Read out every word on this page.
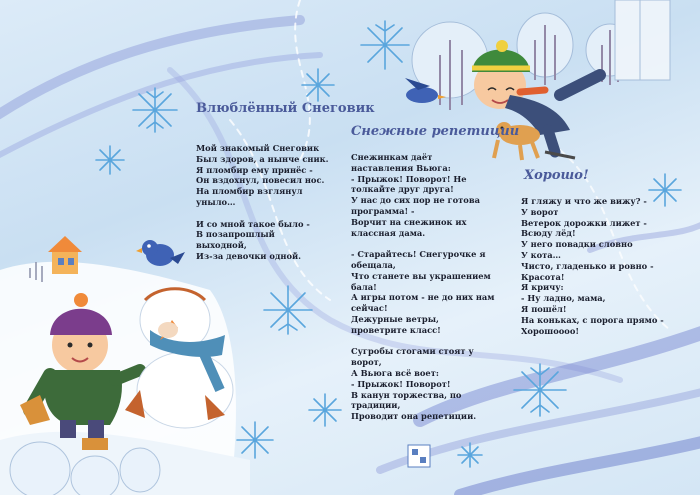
Влюблённый Снеговик
Мой знакомый Снеговик
Был здоров, а нынче сник.
Я пломбир ему принёс -
Он вздохнул, повесил нос.
На пломбир взглянул
уныло…
И со мной такое было -
В позапрошлый
выходной,
Из-за девочки одной.
Снежные репетиции
Снежинкам даёт
наставления Вьюга:
- Прыжок! Поворот! Не
толкайте друг друга!
У нас до сих пор не готова
программа! -
Ворчит на снежинок их
классная дама.
- Старайтесь! Снегурочке я
обещала,
Что станете вы украшением
бала!
А игры потом - не до них нам
сейчас!
Дежурные ветры,
проветрите класс!
Сугробы стогами стоят у
ворот,
А Вьюга всё воет:
- Прыжок! Поворот!
В канун торжества, по
традиции,
Проводит она репетиции.
Хорошо!
Я гляжу и что же вижу? -
У ворот
Ветерок дорожки лижет -
Всюду лёд!
У него повадки словно
У кота…
Чисто, гладенько и ровно -
Красота!
Я кричу:
- Ну ладно, мама,
Я пошёл!
На коньках, с порога прямо -
Хорошоооо!
